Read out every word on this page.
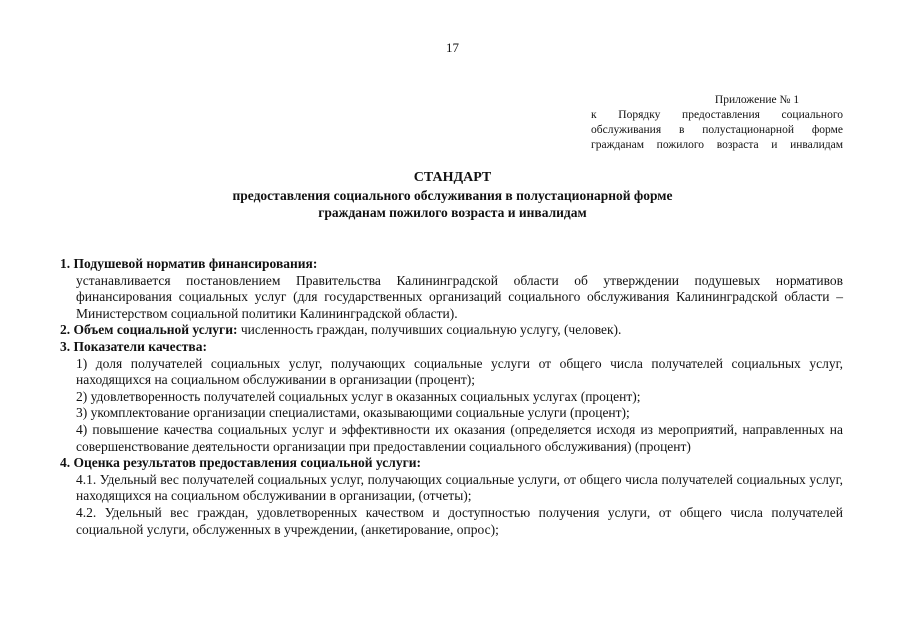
17
Приложение № 1
к Порядку предоставления социального
обслуживания в полустационарной форме
гражданам пожилого возраста и инвалидам
СТАНДАРТ
предоставления социального обслуживания в полустационарной форме
гражданам пожилого возраста и инвалидам
1. Подушевой норматив финансирования:
устанавливается постановлением Правительства Калининградской области об утверждении подушевых нормативов финансирования социальных услуг (для государственных организаций социального обслуживания Калининградской области – Министерством социальной политики Калининградской области).
2. Объем социальной услуги: численность граждан, получивших социальную услугу, (человек).
3. Показатели качества:
1) доля получателей социальных услуг, получающих социальные услуги от общего числа получателей социальных услуг, находящихся на социальном обслуживании в организации (процент);
2) удовлетворенность получателей социальных услуг в оказанных социальных услугах (процент);
3) укомплектование организации специалистами, оказывающими социальные услуги (процент);
4) повышение качества социальных услуг и эффективности их оказания (определяется исходя из мероприятий, направленных на совершенствование деятельности организации при предоставлении социального обслуживания) (процент)
4. Оценка результатов предоставления социальной услуги:
4.1. Удельный вес получателей социальных услуг, получающих социальные услуги, от общего числа получателей социальных услуг, находящихся на социальном обслуживании в организации, (отчеты);
4.2. Удельный вес граждан, удовлетворенных качеством и доступностью получения услуги, от общего числа получателей социальной услуги, обслуженных в учреждении, (анкетирование, опрос);
